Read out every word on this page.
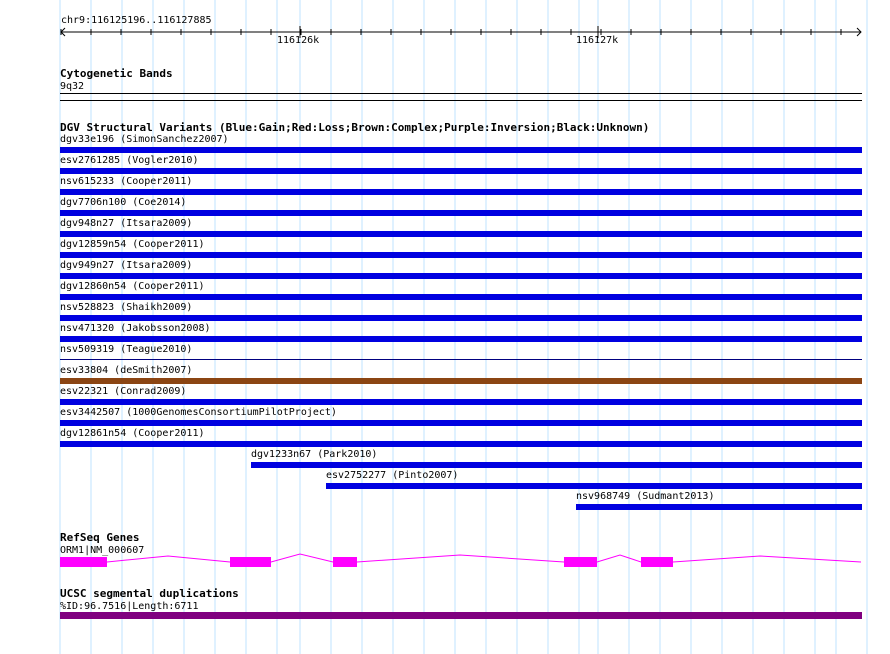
chr9:116125196..116127885
116126k	116127k
Cytogenetic Bands
9q32
DGV Structural Variants (Blue:Gain;Red:Loss;Brown:Complex;Purple:Inversion;Black:Unknown)
dgv33e196 (SimonSanchez2007)
esv2761285 (Vogler2010)
nsv615233 (Cooper2011)
dgv7706n100 (Coe2014)
dgv948n27 (Itsara2009)
dgv12859n54 (Cooper2011)
dgv949n27 (Itsara2009)
dgv12860n54 (Cooper2011)
nsv528823 (Shaikh2009)
nsv471320 (Jakobsson2008)
nsv509319 (Teague2010)
esv33804 (deSmith2007)
esv22321 (Conrad2009)
esv3442507 (1000GenomesConsortiumPilotProject)
dgv12861n54 (Cooper2011)
dgv1233n67 (Park2010)
esv2752277 (Pinto2007)
nsv968749 (Sudmant2013)
RefSeq Genes
ORM1|NM_000607
UCSC segmental duplications
%ID:96.7516|Length:6711
